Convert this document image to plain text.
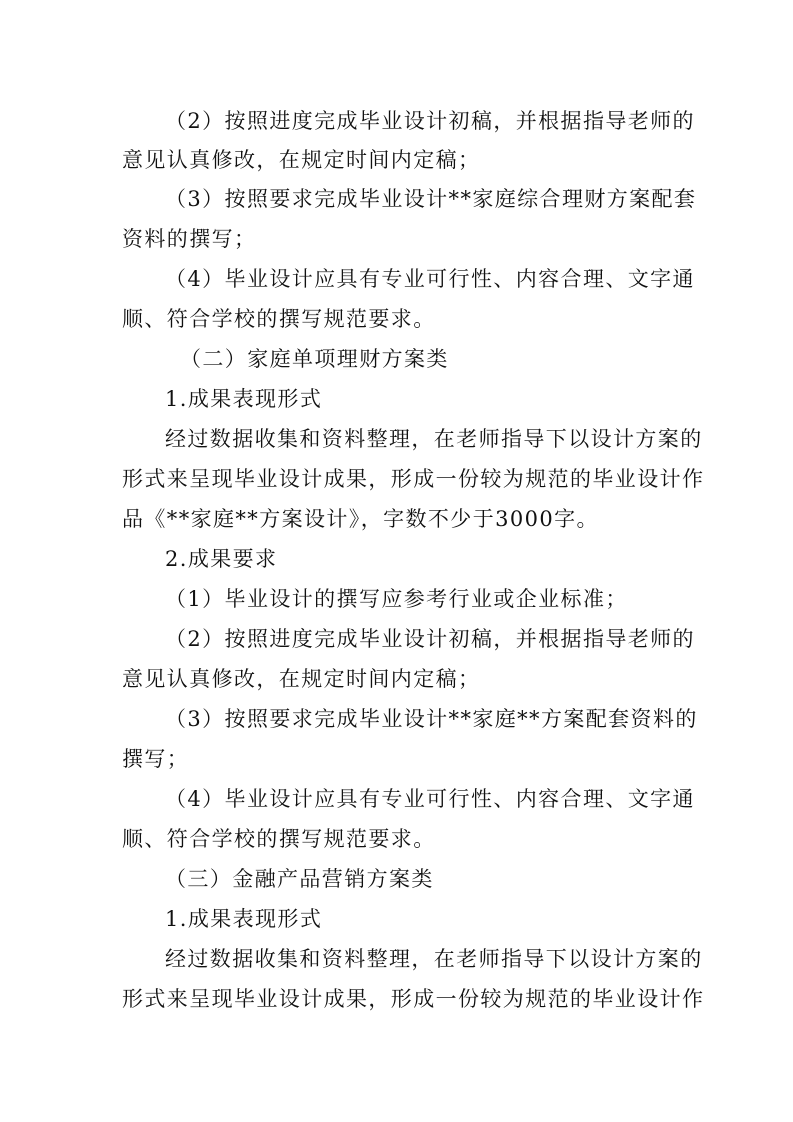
（2）按照进度完成毕业设计初稿，并根据指导老师的
意见认真修改，在规定时间内定稿；
（3）按照要求完成毕业设计**家庭综合理财方案配套
资料的撰写；
（4）毕业设计应具有专业可行性、内容合理、文字通
顺、符合学校的撰写规范要求。
（二）家庭单项理财方案类
1.成果表现形式
经过数据收集和资料整理，在老师指导下以设计方案的
形式来呈现毕业设计成果，形成一份较为规范的毕业设计作
品《**家庭**方案设计》，字数不少于3000字。
2.成果要求
（1）毕业设计的撰写应参考行业或企业标准；
（2）按照进度完成毕业设计初稿，并根据指导老师的
意见认真修改，在规定时间内定稿；
（3）按照要求完成毕业设计**家庭**方案配套资料的
撰写；
（4）毕业设计应具有专业可行性、内容合理、文字通
顺、符合学校的撰写规范要求。
（三）金融产品营销方案类
1.成果表现形式
经过数据收集和资料整理，在老师指导下以设计方案的
形式来呈现毕业设计成果，形成一份较为规范的毕业设计作
